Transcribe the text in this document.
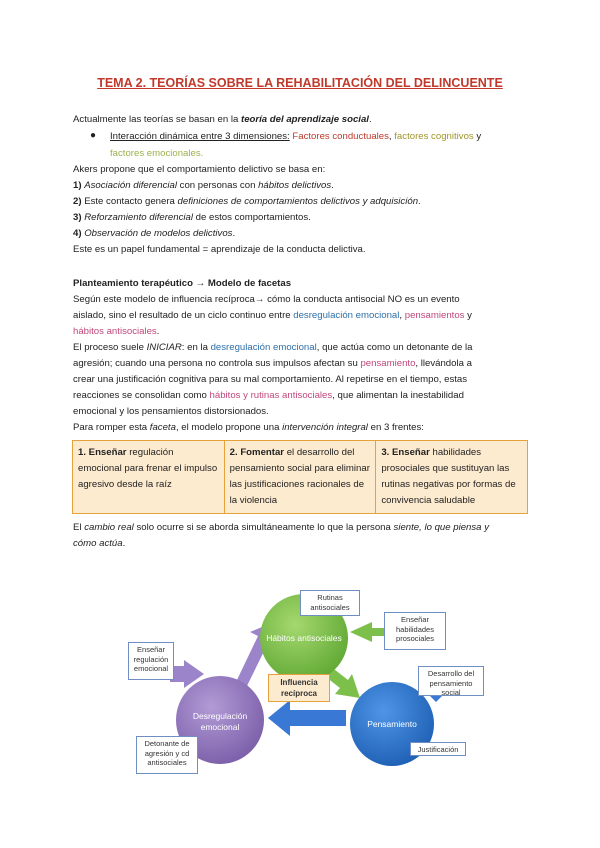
TEMA 2. TEORÍAS SOBRE LA REHABILITACIÓN DEL DELINCUENTE
Actualmente las teorías se basan en la teoría del aprendizaje social.
● Interacción dinámica entre 3 dimensiones: Factores conductuales, factores cognitivos y
factores emocionales.
Akers propone que el comportamiento delictivo se basa en:
1) Asociación diferencial con personas con hábitos delictivos.
2) Este contacto genera definiciones de comportamientos delictivos y adquisición.
3) Reforzamiento diferencial de estos comportamientos.
4) Observación de modelos delictivos.
Este es un papel fundamental = aprendizaje de la conducta delictiva.
Planteamiento terapéutico → Modelo de facetas
Según este modelo de influencia recíproca→ cómo la conducta antisocial NO es un evento
aislado, sino el resultado de un ciclo continuo entre desregulación emocional, pensamientos y
hábitos antisociales.
El proceso suele INICIAR: en la desregulación emocional, que actúa como un detonante de la
agresión; cuando una persona no controla sus impulsos afectan su pensamiento, llevándola a
crear una justificación cognitiva para su mal comportamiento. Al repetirse en el tiempo, estas
reacciones se consolidan como hábitos y rutinas antisociales, que alimentan la inestabilidad
emocional y los pensamientos distorsionados.
Para romper esta faceta, el modelo propone una intervención integral en 3 frentes:
1. Enseñar regulación emocional para frenar el impulso agresivo desde la raíz	2. Fomentar el desarrollo del pensamiento social para eliminar las justificaciones racionales de la violencia	3. Enseñar habilidades prosociales que sustituyan las rutinas negativas por formas de convivencia saludable
El cambio real solo ocurre si se aborda simultáneamente lo que la persona siente, lo que piensa y
cómo actúa.
Hábitos antisociales
Desregulación emocional	Pensamiento
Influencia recíproca
Rutinas antisociales
Enseñar habilidades prosociales
Enseñar regulación emocional
Desarrollo del pensamiento social
Detonante de agresión y cd antisociales
Justificación
